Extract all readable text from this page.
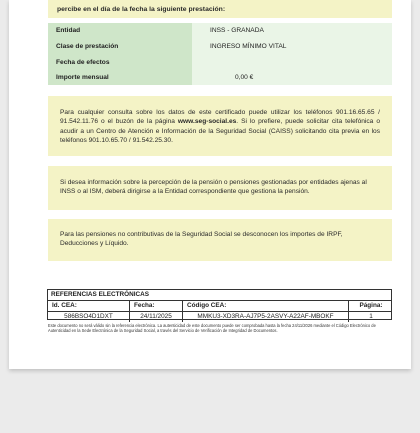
percibe en el día de la fecha la siguiente prestación:
Entidad	INSS - GRANADA
Clase de prestación	INGRESO MÍNIMO VITAL
Fecha de efectos
Importe mensual	0,00 €
Para cualquier consulta sobre los datos de este certificado puede utilizar los teléfonos 901.16.65.65 / 91.542.11.76 o el buzón de la página www.seg-social.es. Si lo prefiere, puede solicitar cita telefónica o acudir a un Centro de Atención e Información de la Seguridad Social (CAISS) solicitando cita previa en los teléfonos 901.10.65.70 / 91.542.25.30.
Si desea información sobre la percepción de la pensión o pensiones gestionadas por entidades ajenas al INSS o al ISM, deberá dirigirse a la Entidad correspondiente que gestiona la pensión.
Para las pensiones no contributivas de la Seguridad Social se desconocen los importes de IRPF, Deducciones y Líquido.
REFERENCIAS ELECTRÓNICAS
Id. CEA:	Fecha:	Código CEA:	Página:
586BSO4D1DXT	24/11/2025	MMKU3-XD3RA-AJ7P5-2ASVY-A22AF-MBOKF	1
Este documento no será válido sin la referencia electrónica. La autenticidad de este documento puede ser comprobada hasta la fecha 24/11/2026 mediante el Código Electrónico de Autenticidad en la Sede Electrónica de la Seguridad Social, a través del Servicio de Verificación de Integridad de Documentos.
